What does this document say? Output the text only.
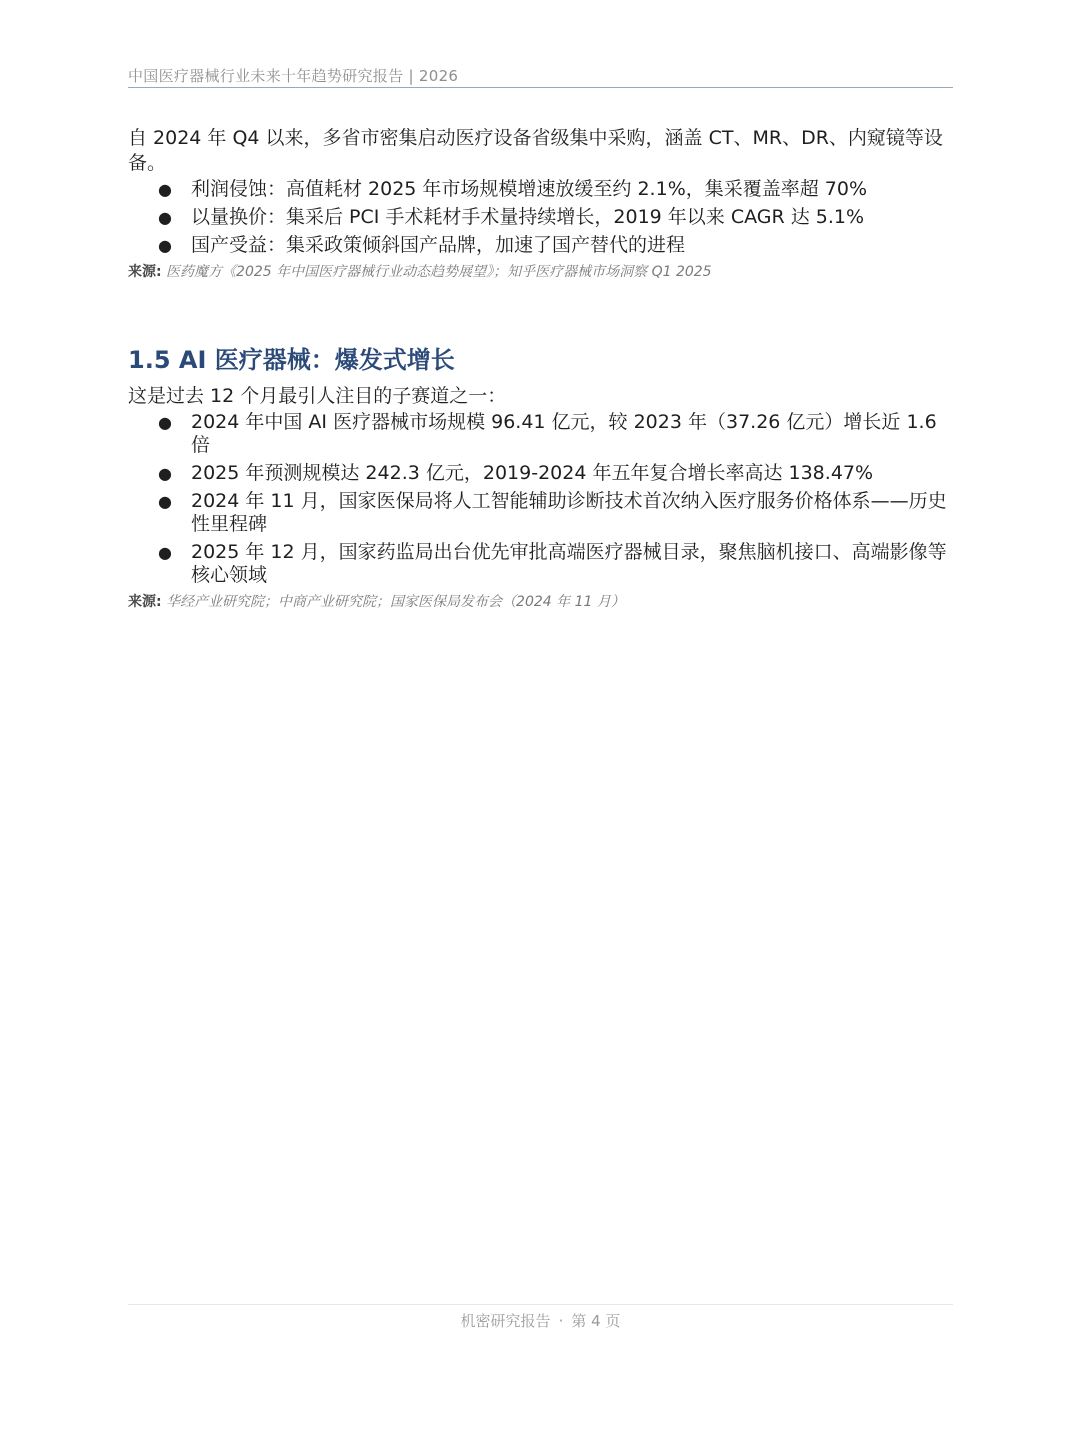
中国医疗器械行业未来十年趋势研究报告 | 2026

自 2024 年 Q4 以来，多省市密集启动医疗设备省级集中采购，涵盖 CT、MR、DR、内窥镜等设备。

● 利润侵蚀：高值耗材 2025 年市场规模增速放缓至约 2.1%，集采覆盖率超 70%
● 以量换价：集采后 PCI 手术耗材手术量持续增长，2019 年以来 CAGR 达 5.1%
● 国产受益：集采政策倾斜国产品牌，加速了国产替代的进程

来源: 医药魔方《2025 年中国医疗器械行业动态趋势展望》；知乎医疗器械市场洞察 Q1 2025

1.5 AI 医疗器械：爆发式增长

这是过去 12 个月最引人注目的子赛道之一：

● 2024 年中国 AI 医疗器械市场规模 96.41 亿元，较 2023 年（37.26 亿元）增长近 1.6 倍
● 2025 年预测规模达 242.3 亿元，2019-2024 年五年复合增长率高达 138.47%
● 2024 年 11 月，国家医保局将人工智能辅助诊断技术首次纳入医疗服务价格体系——历史性里程碑
● 2025 年 12 月，国家药监局出台优先审批高端医疗器械目录，聚焦脑机接口、高端影像等核心领域

来源: 华经产业研究院；中商产业研究院；国家医保局发布会（2024 年 11 月）

机密研究报告 · 第 4 页
